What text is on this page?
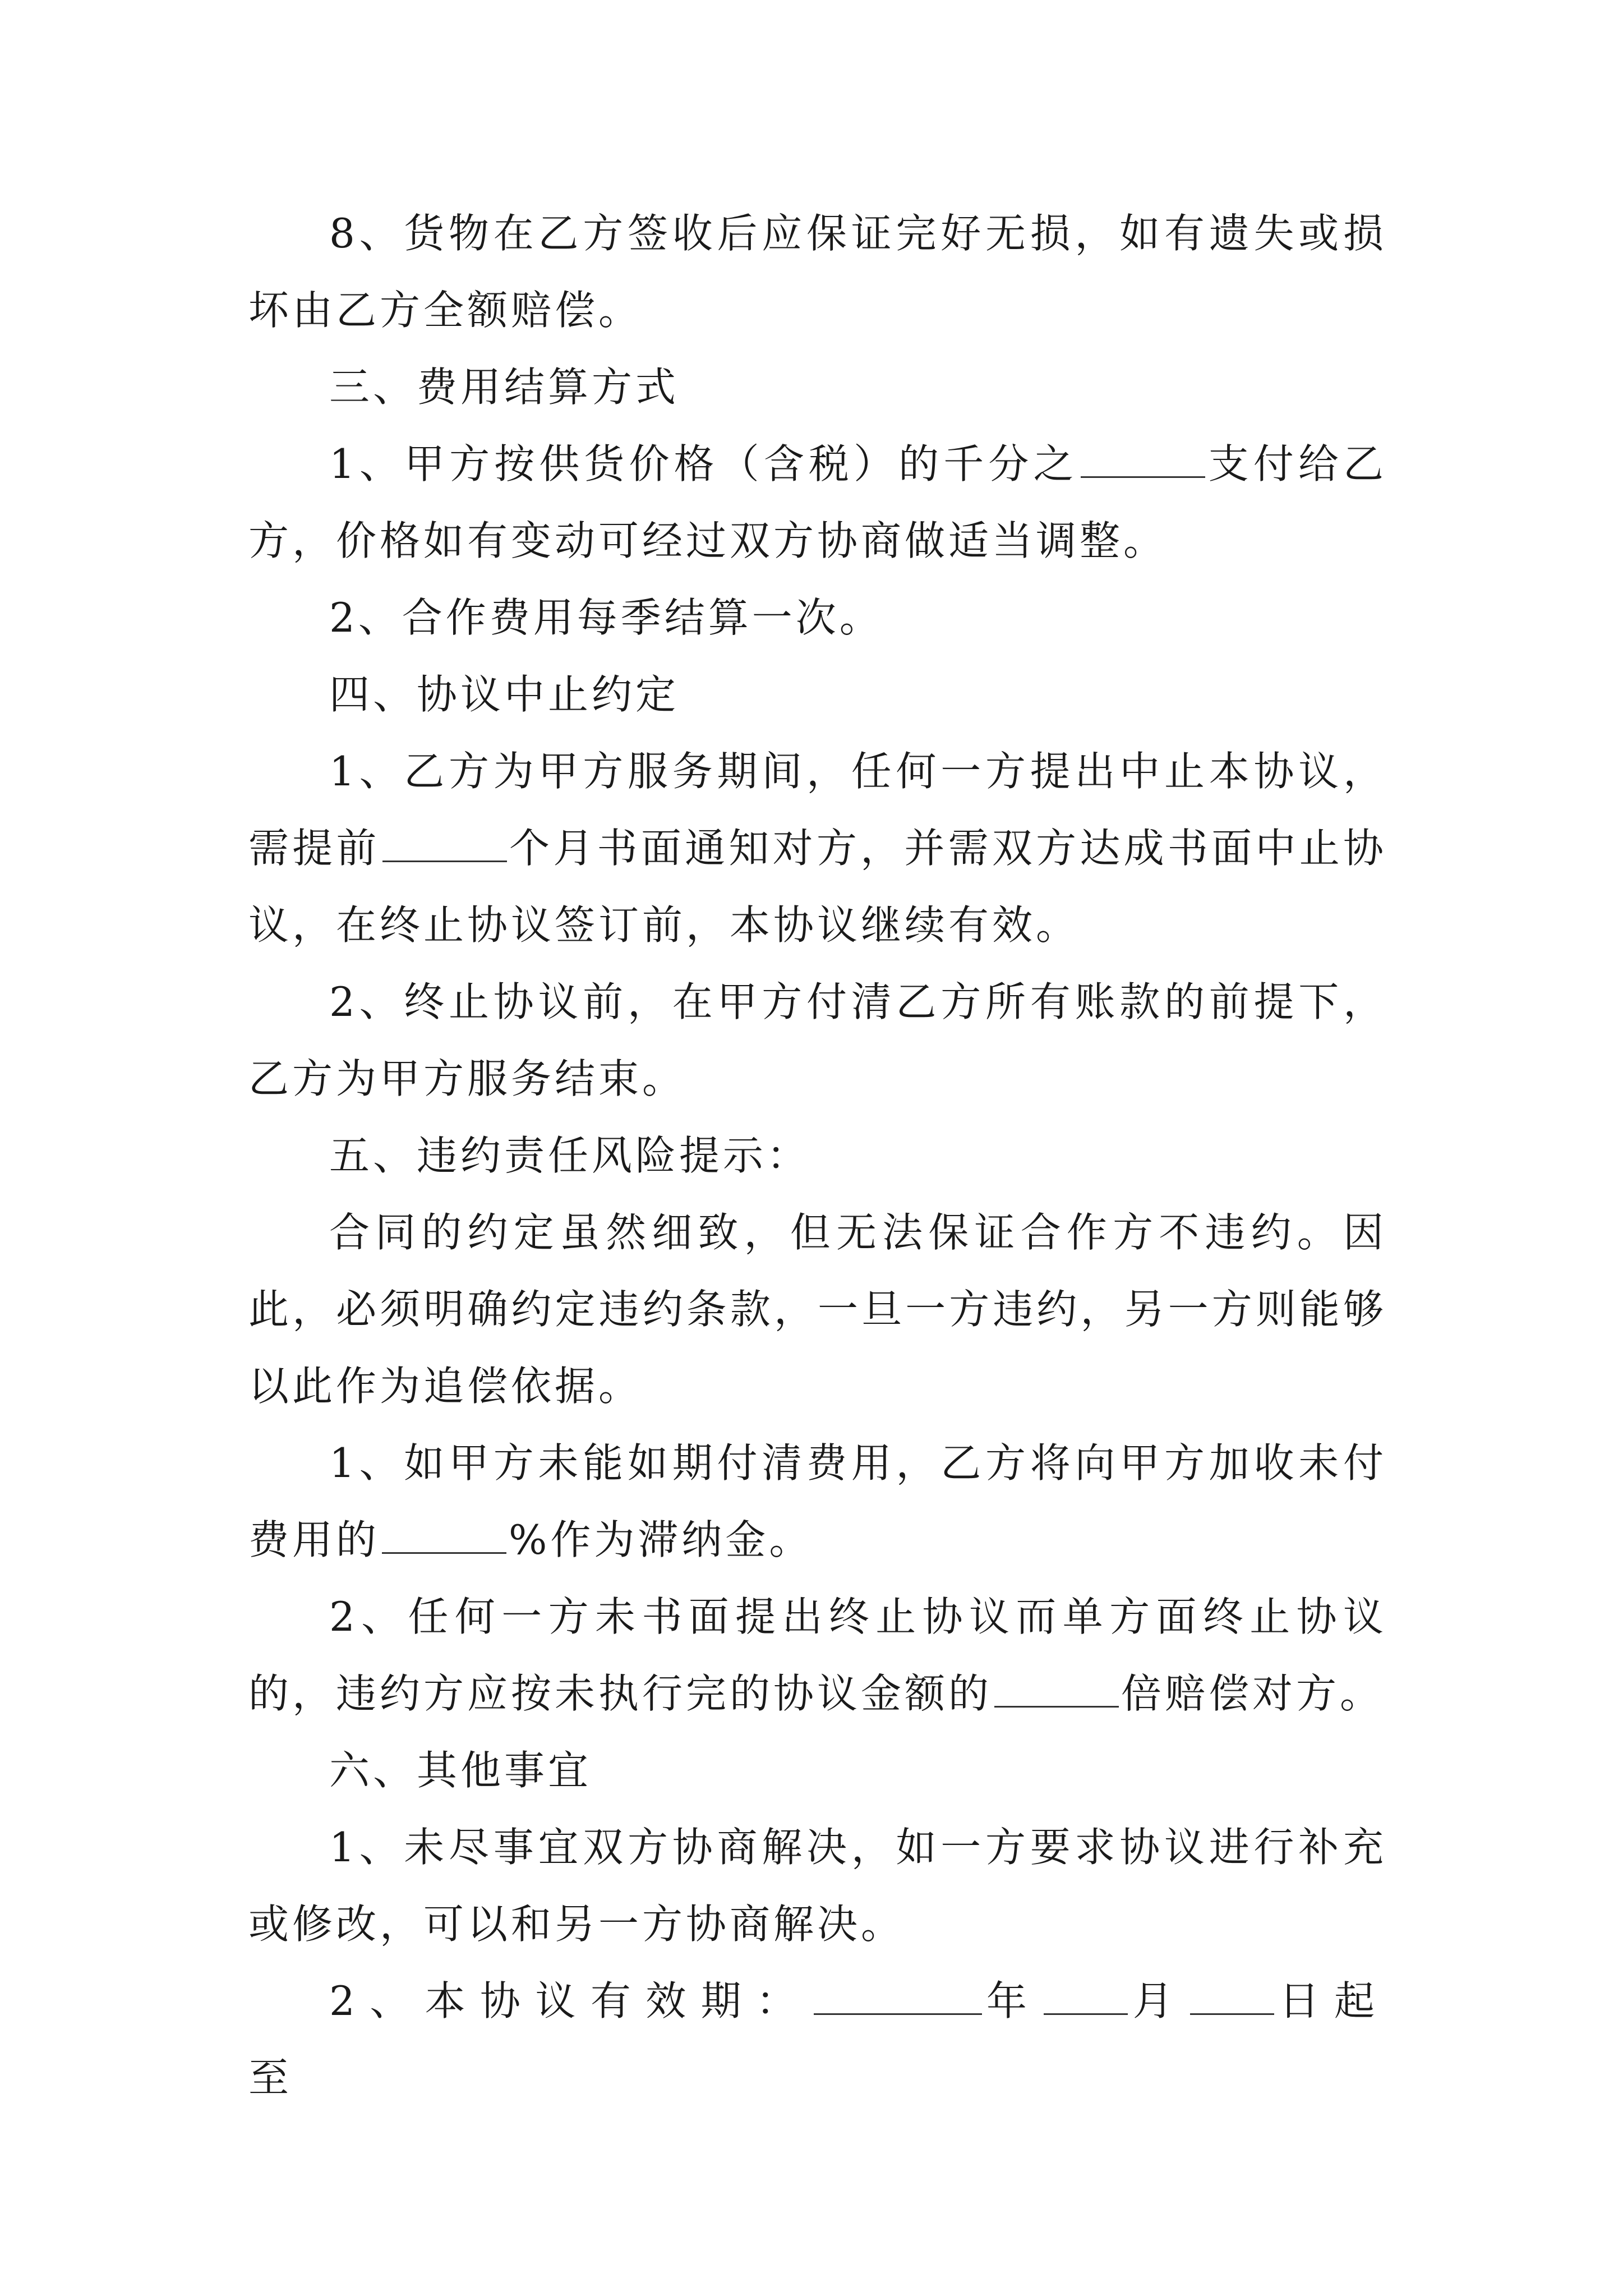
8、货物在乙方签收后应保证完好无损，如有遗失或损坏由乙方全额赔偿。

三、费用结算方式

1、甲方按供货价格（含税）的千分之	支付给乙方，价格如有变动可经过双方协商做适当调整。

2、合作费用每季结算一次。

四、协议中止约定

1、乙方为甲方服务期间，任何一方提出中止本协议，需提前	个月书面通知对方，并需双方达成书面中止协议，在终止协议签订前，本协议继续有效。

2、终止协议前，在甲方付清乙方所有账款的前提下，乙方为甲方服务结束。

五、违约责任风险提示：

合同的约定虽然细致，但无法保证合作方不违约。因此，必须明确约定违约条款，一旦一方违约，另一方则能够以此作为追偿依据。

1、如甲方未能如期付清费用，乙方将向甲方加收未付费用的	%作为滞纳金。

2、任何一方未书面提出终止协议而单方面终止协议的，违约方应按未执行完的协议金额的	倍赔偿对方。

六、其他事宜

1、未尽事宜双方协商解决，如一方要求协议进行补充或修改，可以和另一方协商解决。

2、本协议有效期：	年 月 日起至
